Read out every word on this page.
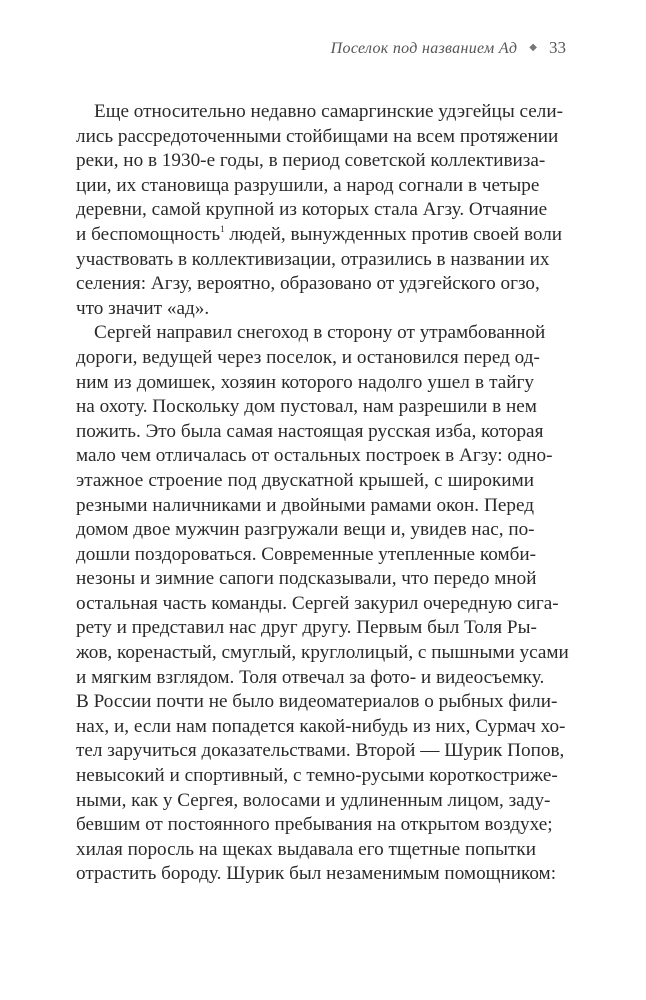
Поселок под названием Ад ◆ 33
Еще относительно недавно самаргинские удэгейцы сели-
лись рассредоточенными стойбищами на всем протяжении
реки, но в 1930-е годы, в период советской коллективиза-
ции, их становища разрушили, а народ согнали в четыре
деревни, самой крупной из которых стала Агзу. Отчаяние
и беспомощность$^1$ людей, вынужденных против своей воли
участвовать в коллективизации, отразились в названии их
селения: Агзу, вероятно, образовано от удэгейского огзо,
что значит «ад».
Сергей направил снегоход в сторону от утрамбованной
дороги, ведущей через поселок, и остановился перед од-
ним из домишек, хозяин которого надолго ушел в тайгу
на охоту. Поскольку дом пустовал, нам разрешили в нем
пожить. Это была самая настоящая русская изба, которая
мало чем отличалась от остальных построек в Агзу: одно-
этажное строение под двускатной крышей, с широкими
резными наличниками и двойными рамами окон. Перед
домом двое мужчин разгружали вещи и, увидев нас, по-
дошли поздороваться. Современные утепленные комби-
незоны и зимние сапоги подсказывали, что передо мной
остальная часть команды. Сергей закурил очередную сига-
рету и представил нас друг другу. Первым был Толя Ры-
жов, коренастый, смуглый, круглолицый, с пышными усами
и мягким взглядом. Толя отвечал за фото- и видеосъемку.
В России почти не было видеоматериалов о рыбных фили-
нах, и, если нам попадется какой-нибудь из них, Сурмач хо-
тел заручиться доказательствами. Второй — Шурик Попов,
невысокий и спортивный, с темно-русыми короткостриже-
ными, как у Сергея, волосами и удлиненным лицом, заду-
бевшим от постоянного пребывания на открытом воздухе;
хилая поросль на щеках выдавала его тщетные попытки
отрастить бороду. Шурик был незаменимым помощником:
